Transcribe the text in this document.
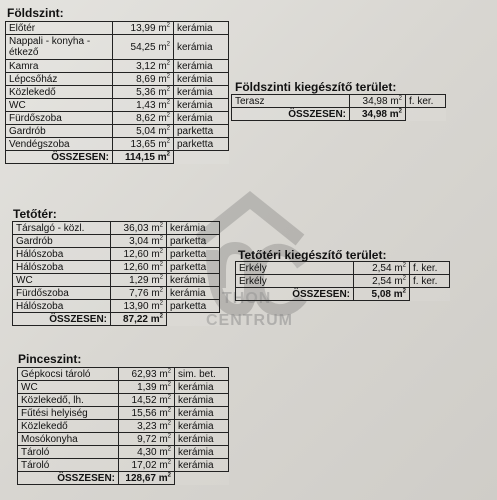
THON
CENTRUM
Földszint:
Előtér	13,99 $m^2$	kerámia
Nappali - konyha -
étkező	54,25 $m^2$	kerámia
Kamra	3,12 $m^2$	kerámia
Lépcsőház	8,69 $m^2$	kerámia
Közlekedő	5,36 $m^2$	kerámia
WC	1,43 $m^2$	kerámia
Fürdőszoba	8,62 $m^2$	kerámia
Gardrób	5,04 $m^2$	parketta
Vendégszoba	13,65 $m^2$	parketta
ÖSSZESEN:	114,15 $m^2$	
Földszinti kiegészítő terület:
Terasz	34,98 $m^2$	f. ker.
ÖSSZESEN:	34,98 $m^2$	
Tetőtér:
Társalgó - közl.	36,03 $m^2$	kerámia
Gardrób	3,04 $m^2$	parketta
Hálószoba	12,60 $m^2$	parketta
Hálószoba	12,60 $m^2$	parketta
WC	1,29 $m^2$	kerámia
Fürdőszoba	7,76 $m^2$	kerámia
Hálószoba	13,90 $m^2$	parketta
ÖSSZESEN:	87,22 $m^2$	
Tetőtéri kiegészítő terület:
Erkély	2,54 $m^2$	f. ker.
Erkély	2,54 $m^2$	f. ker.
ÖSSZESEN:	5,08 $m^2$	
Pinceszint:
Gépkocsi tároló	62,93 $m^2$	sim. bet.
WC	1,39 $m^2$	kerámia
Közlekedő, lh.	14,52 $m^2$	kerámia
Fűtési helyiség	15,56 $m^2$	kerámia
Közlekedő	3,23 $m^2$	kerámia
Mosókonyha	9,72 $m^2$	kerámia
Tároló	4,30 $m^2$	kerámia
Tároló	17,02 $m^2$	kerámia
ÖSSZESEN:	128,67 $m^2$	
